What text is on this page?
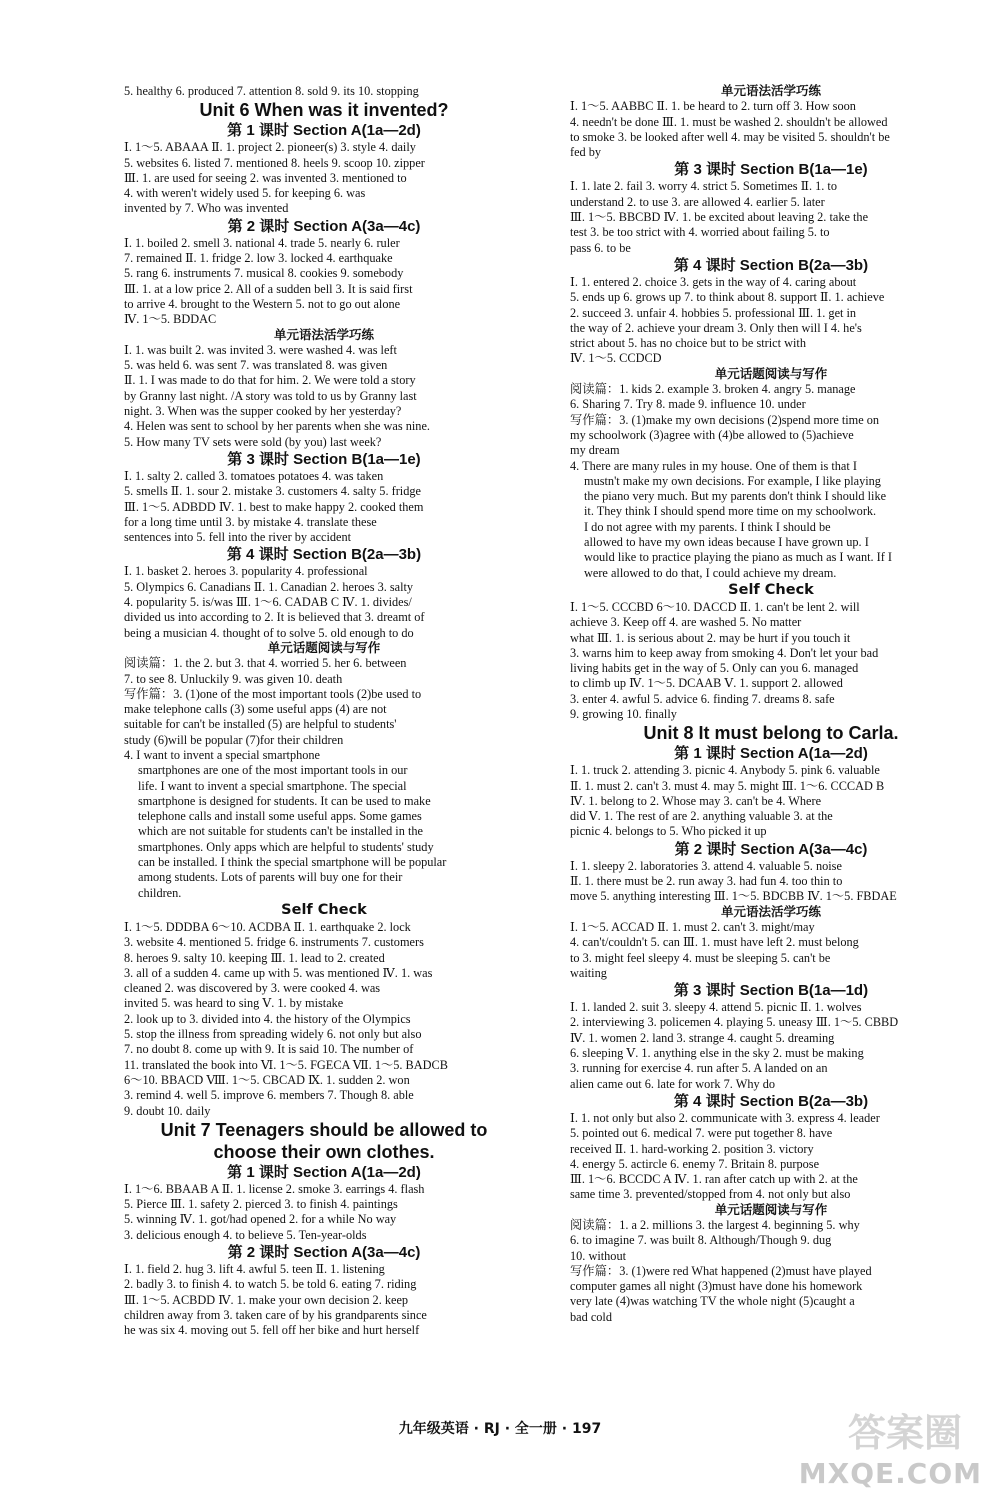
5. healthy 6. produced 7. attention 8. sold 9. its 10. stopping
Unit 6 When was it invented?
第 1 课时 Section A(1a—2d)
Ⅰ. 1～5. ABAAA Ⅱ. 1. project 2. pioneer(s) 3. style 4. daily
5. websites 6. listed 7. mentioned 8. heels 9. scoop 10. zipper
Ⅲ. 1. are used for seeing 2. was invented 3. mentioned to
4. with weren't widely used 5. for keeping 6. was
invented by 7. Who was invented
第 2 课时 Section A(3a—4c)
Ⅰ. 1. boiled 2. smell 3. national 4. trade 5. nearly 6. ruler
7. remained Ⅱ. 1. fridge 2. low 3. locked 4. earthquake
5. rang 6. instruments 7. musical 8. cookies 9. somebody
Ⅲ. 1. at a low price 2. All of a sudden bell 3. It is said first
to arrive 4. brought to the Western 5. not to go out alone
Ⅳ. 1～5. BDDAC
单元语法活学巧练
Ⅰ. 1. was built 2. was invited 3. were washed 4. was left
5. was held 6. was sent 7. was translated 8. was given
Ⅱ. 1. I was made to do that for him. 2. We were told a story
by Granny last night. /A story was told to us by Granny last
night. 3. When was the supper cooked by her yesterday?
4. Helen was sent to school by her parents when she was nine.
5. How many TV sets were sold (by you) last week?
第 3 课时 Section B(1a—1e)
Ⅰ. 1. salty 2. called 3. tomatoes potatoes 4. was taken
5. smells Ⅱ. 1. sour 2. mistake 3. customers 4. salty 5. fridge
Ⅲ. 1～5. ADBDD Ⅳ. 1. best to make happy 2. cooked them
for a long time until 3. by mistake 4. translate these
sentences into 5. fell into the river by accident
第 4 课时 Section B(2a—3b)
Ⅰ. 1. basket 2. heroes 3. popularity 4. professional
5. Olympics 6. Canadians Ⅱ. 1. Canadian 2. heroes 3. salty
4. popularity 5. is/was Ⅲ. 1～6. CADAB C Ⅳ. 1. divides/
divided us into according to 2. It is believed that 3. dreamt of
being a musician 4. thought of to solve 5. old enough to do
单元话题阅读与写作
阅读篇：1. the 2. but 3. that 4. worried 5. her 6. between
7. to see 8. Unluckily 9. was given 10. death
写作篇：3. (1)one of the most important tools (2)be used to
make telephone calls (3) some useful apps (4) are not
suitable for can't be installed (5) are helpful to students'
study (6)will be popular (7)for their children
4. I want to invent a special smartphone
smartphones are one of the most important tools in our
life. I want to invent a special smartphone. The special
smartphone is designed for students. It can be used to make
telephone calls and install some useful apps. Some games
which are not suitable for students can't be installed in the
smartphones. Only apps which are helpful to students' study
can be installed. I think the special smartphone will be popular
among students. Lots of parents will buy one for their
children.
Self Check
Ⅰ. 1～5. DDDBA 6～10. ACDBA Ⅱ. 1. earthquake 2. lock
3. website 4. mentioned 5. fridge 6. instruments 7. customers
8. heroes 9. salty 10. keeping Ⅲ. 1. lead to 2. created
3. all of a sudden 4. came up with 5. was mentioned Ⅳ. 1. was
cleaned 2. was discovered by 3. were cooked 4. was
invited 5. was heard to sing Ⅴ. 1. by mistake
2. look up to 3. divided into 4. the history of the Olympics
5. stop the illness from spreading widely 6. not only but also
7. no doubt 8. come up with 9. It is said 10. The number of
11. translated the book into Ⅵ. 1～5. FGECA Ⅶ. 1～5. BADCB
6～10. BBACD Ⅷ. 1～5. CBCAD Ⅸ. 1. sudden 2. won
3. remind 4. well 5. improve 6. members 7. Though 8. able
9. doubt 10. daily
Unit 7 Teenagers should be allowed to
choose their own clothes.
第 1 课时 Section A(1a—2d)
Ⅰ. 1～6. BBAAB A Ⅱ. 1. license 2. smoke 3. earrings 4. flash
5. Pierce Ⅲ. 1. safety 2. pierced 3. to finish 4. paintings
5. winning Ⅳ. 1. got/had opened 2. for a while No way
3. delicious enough 4. to believe 5. Ten-year-olds
第 2 课时 Section A(3a—4c)
Ⅰ. 1. field 2. hug 3. lift 4. awful 5. teen Ⅱ. 1. listening
2. badly 3. to finish 4. to watch 5. be told 6. eating 7. riding
Ⅲ. 1～5. ACBDD Ⅳ. 1. make your own decision 2. keep
children away from 3. taken care of by his grandparents since
he was six 4. moving out 5. fell off her bike and hurt herself
单元语法活学巧练
Ⅰ. 1～5. AABBC Ⅱ. 1. be heard to 2. turn off 3. How soon
4. needn't be done Ⅲ. 1. must be washed 2. shouldn't be allowed
to smoke 3. be looked after well 4. may be visited 5. shouldn't be
fed by
第 3 课时 Section B(1a—1e)
Ⅰ. 1. late 2. fail 3. worry 4. strict 5. Sometimes Ⅱ. 1. to
understand 2. to use 3. are allowed 4. earlier 5. later
Ⅲ. 1～5. BBCBD Ⅳ. 1. be excited about leaving 2. take the
test 3. be too strict with 4. worried about failing 5. to
pass 6. to be
第 4 课时 Section B(2a—3b)
Ⅰ. 1. entered 2. choice 3. gets in the way of 4. caring about
5. ends up 6. grows up 7. to think about 8. support Ⅱ. 1. achieve
2. succeed 3. unfair 4. hobbies 5. professional Ⅲ. 1. get in
the way of 2. achieve your dream 3. Only then will I 4. he's
strict about 5. has no choice but to be strict with
Ⅳ. 1～5. CCDCD
单元话题阅读与写作
阅读篇：1. kids 2. example 3. broken 4. angry 5. manage
6. Sharing 7. Try 8. made 9. influence 10. under
写作篇：3. (1)make my own decisions (2)spend more time on
my schoolwork (3)agree with (4)be allowed to (5)achieve
my dream
4. There are many rules in my house. One of them is that I
mustn't make my own decisions. For example, I like playing
the piano very much. But my parents don't think I should like
it. They think I should spend more time on my schoolwork.
I do not agree with my parents. I think I should be
allowed to have my own ideas because I have grown up. I
would like to practice playing the piano as much as I want. If I
were allowed to do that, I could achieve my dream.
Self Check
Ⅰ. 1～5. CCCBD 6～10. DACCD Ⅱ. 1. can't be lent 2. will
achieve 3. Keep off 4. are washed 5. No matter
what Ⅲ. 1. is serious about 2. may be hurt if you touch it
3. warns him to keep away from smoking 4. Don't let your bad
living habits get in the way of 5. Only can you 6. managed
to climb up Ⅳ. 1～5. DCAAB Ⅴ. 1. support 2. allowed
3. enter 4. awful 5. advice 6. finding 7. dreams 8. safe
9. growing 10. finally
Unit 8 It must belong to Carla.
第 1 课时 Section A(1a—2d)
Ⅰ. 1. truck 2. attending 3. picnic 4. Anybody 5. pink 6. valuable
Ⅱ. 1. must 2. can't 3. must 4. may 5. might Ⅲ. 1～6. CCCAD B
Ⅳ. 1. belong to 2. Whose may 3. can't be 4. Where
did Ⅴ. 1. The rest of are 2. anything valuable 3. at the
picnic 4. belongs to 5. Who picked it up
第 2 课时 Section A(3a—4c)
Ⅰ. 1. sleepy 2. laboratories 3. attend 4. valuable 5. noise
Ⅱ. 1. there must be 2. run away 3. had fun 4. too thin to
move 5. anything interesting Ⅲ. 1～5. BDCBB Ⅳ. 1～5. FBDAE
单元语法活学巧练
Ⅰ. 1～5. ACCAD Ⅱ. 1. must 2. can't 3. might/may
4. can't/couldn't 5. can Ⅲ. 1. must have left 2. must belong
to 3. might feel sleepy 4. must be sleeping 5. can't be
waiting
第 3 课时 Section B(1a—1d)
Ⅰ. 1. landed 2. suit 3. sleepy 4. attend 5. picnic Ⅱ. 1. wolves
2. interviewing 3. policemen 4. playing 5. uneasy Ⅲ. 1～5. CBBD
Ⅳ. 1. women 2. land 3. strange 4. caught 5. dreaming
6. sleeping Ⅴ. 1. anything else in the sky 2. must be making
3. running for exercise 4. run after 5. A landed on an
alien came out 6. late for work 7. Why do
第 4 课时 Section B(2a—3b)
Ⅰ. 1. not only but also 2. communicate with 3. express 4. leader
5. pointed out 6. medical 7. were put together 8. have
received Ⅱ. 1. hard-working 2. position 3. victory
4. energy 5. actircle 6. enemy 7. Britain 8. purpose
Ⅲ. 1～6. BCCDC A Ⅳ. 1. ran after catch up with 2. at the
same time 3. prevented/stopped from 4. not only but also
单元话题阅读与写作
阅读篇：1. a 2. millions 3. the largest 4. beginning 5. why
6. to imagine 7. was built 8. Although/Though 9. dug
10. without
写作篇：3. (1)were red What happened (2)must have played
computer games all night (3)must have done his homework
very late (4)was watching TV the whole night (5)caught a
bad cold
九年级英语 · RJ · 全一册 · 197	答案圈
MXQE.COM
